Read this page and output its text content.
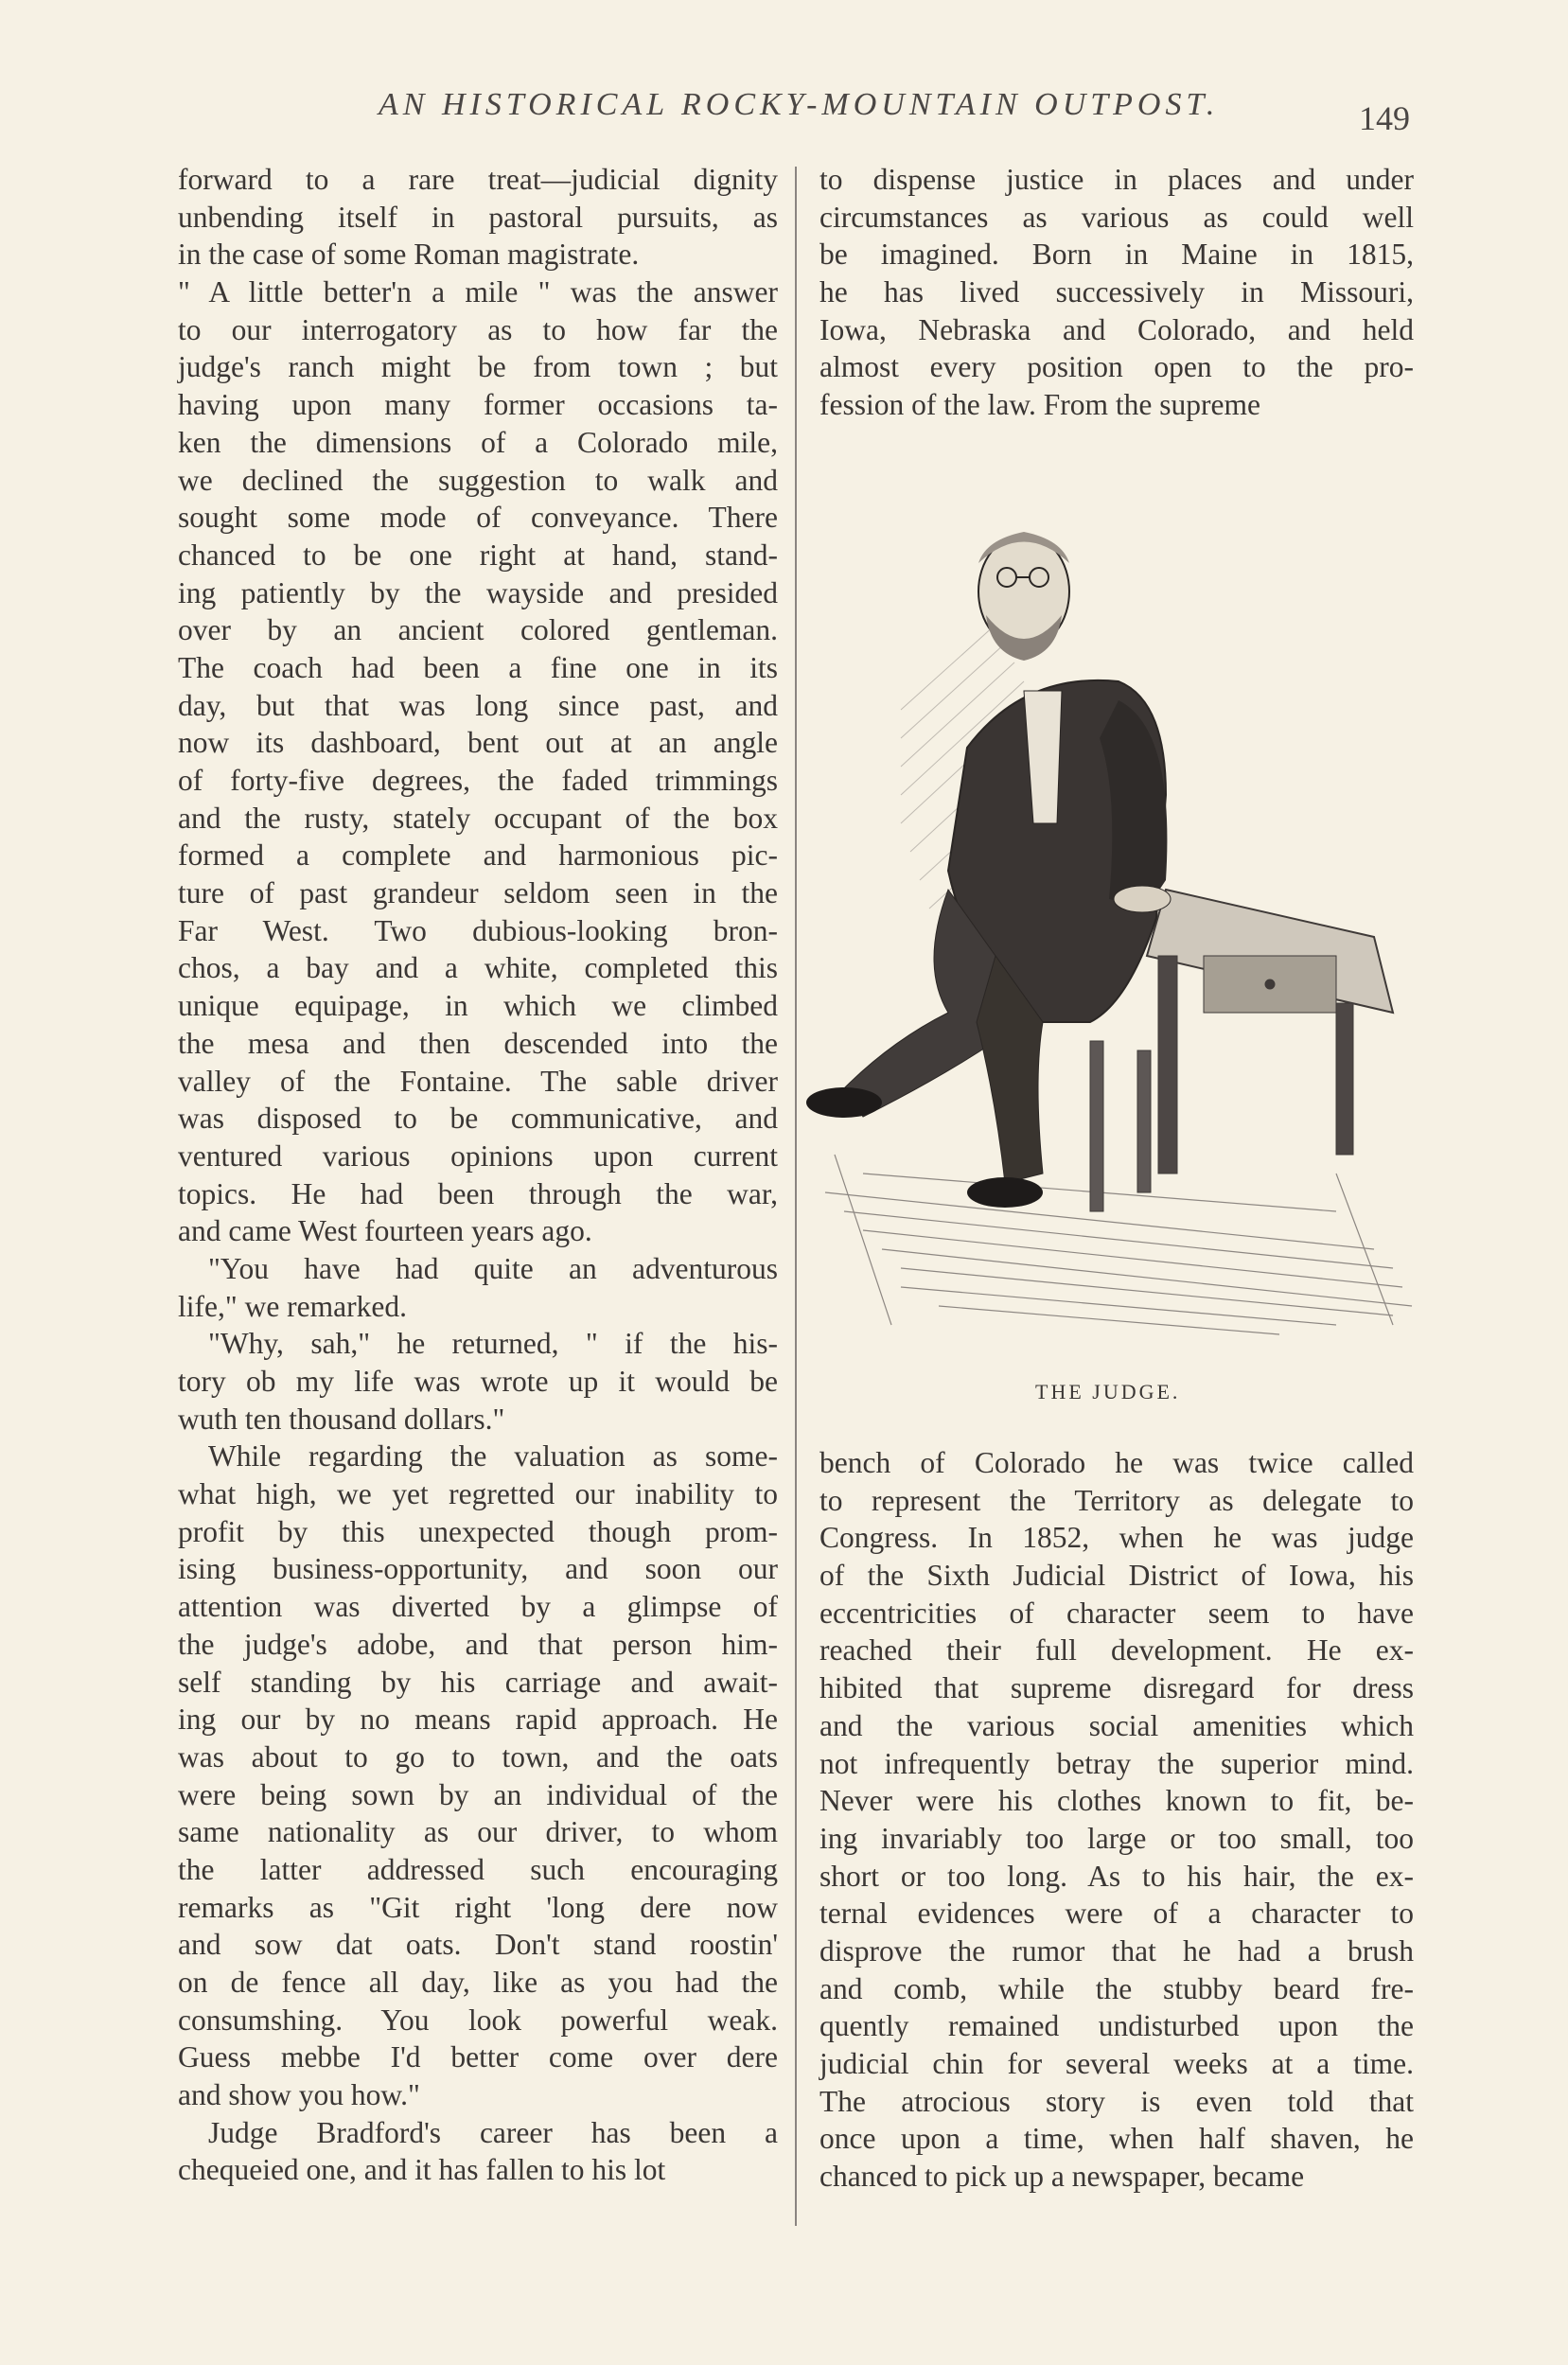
AN HISTORICAL ROCKY-MOUNTAIN OUTPOST.	149
forward to a rare treat—judicial dignity
unbending itself in pastoral pursuits, as
in the case of some Roman magistrate.
" A little better'n a mile " was the answer
to our interrogatory as to how far the
judge's ranch might be from town ; but
having upon many former occasions ta-
ken the dimensions of a Colorado mile,
we declined the suggestion to walk and
sought some mode of conveyance. There
chanced to be one right at hand, stand-
ing patiently by the wayside and presided
over by an ancient colored gentleman.
The coach had been a fine one in its
day, but that was long since past, and
now its dashboard, bent out at an angle
of forty-five degrees, the faded trimmings
and the rusty, stately occupant of the box
formed a complete and harmonious pic-
ture of past grandeur seldom seen in the
Far West. Two dubious-looking bron-
chos, a bay and a white, completed this
unique equipage, in which we climbed
the mesa and then descended into the
valley of the Fontaine. The sable driver
was disposed to be communicative, and
ventured various opinions upon current
topics. He had been through the war,
and came West fourteen years ago.
"You have had quite an adventurous
life," we remarked.
"Why, sah," he returned, " if the his-
tory ob my life was wrote up it would be
wuth ten thousand dollars."
While regarding the valuation as some-
what high, we yet regretted our inability to
profit by this unexpected though prom-
ising business-opportunity, and soon our
attention was diverted by a glimpse of
the judge's adobe, and that person him-
self standing by his carriage and await-
ing our by no means rapid approach. He
was about to go to town, and the oats
were being sown by an individual of the
same nationality as our driver, to whom
the latter addressed such encouraging
remarks as "Git right 'long dere now
and sow dat oats. Don't stand roostin'
on de fence all day, like as you had the
consumshing. You look powerful weak.
Guess mebbe I'd better come over dere
and show you how."
Judge Bradford's career has been a
chequeied one, and it has fallen to his lot
to dispense justice in places and under
circumstances as various as could well
be imagined. Born in Maine in 1815,
he has lived successively in Missouri,
Iowa, Nebraska and Colorado, and held
almost every position open to the pro-
fession of the law. From the supreme
THE JUDGE.
bench of Colorado he was twice called
to represent the Territory as delegate to
Congress. In 1852, when he was judge
of the Sixth Judicial District of Iowa, his
eccentricities of character seem to have
reached their full development. He ex-
hibited that supreme disregard for dress
and the various social amenities which
not infrequently betray the superior mind.
Never were his clothes known to fit, be-
ing invariably too large or too small, too
short or too long. As to his hair, the ex-
ternal evidences were of a character to
disprove the rumor that he had a brush
and comb, while the stubby beard fre-
quently remained undisturbed upon the
judicial chin for several weeks at a time.
The atrocious story is even told that
once upon a time, when half shaven, he
chanced to pick up a newspaper, became
